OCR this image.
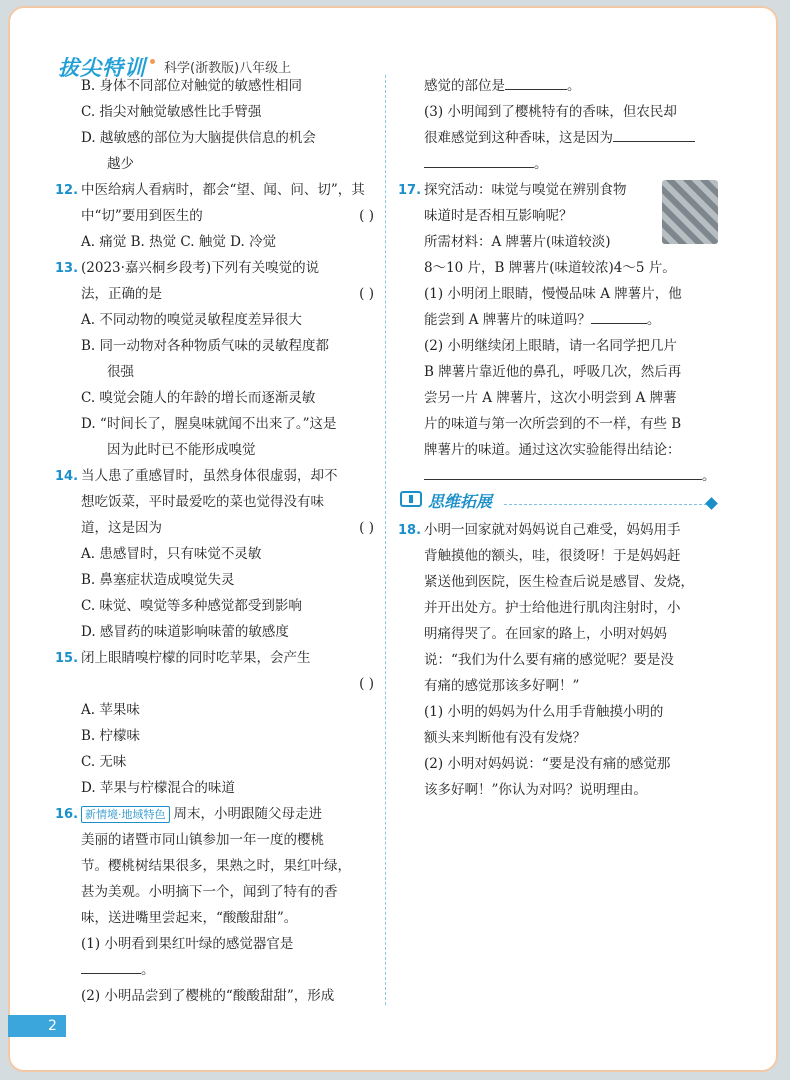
拔尖特训 科学(浙教版)八年级上
B. 身体不同部位对触觉的敏感性相同
C. 指尖对触觉敏感性比手臂强
D. 越敏感的部位为大脑提供信息的机会
越少
12. 中医给病人看病时，都会“望、闻、问、切”，其
中“切”要用到医生的	( )
A. 痛觉 B. 热觉 C. 触觉 D. 冷觉
13. (2023·嘉兴桐乡段考)下列有关嗅觉的说
法，正确的是	( )
A. 不同动物的嗅觉灵敏程度差异很大
B. 同一动物对各种物质气味的灵敏程度都
很强
C. 嗅觉会随人的年龄的增长而逐渐灵敏
D. “时间长了，腥臭味就闻不出来了。”这是
因为此时已不能形成嗅觉
14. 当人患了重感冒时，虽然身体很虚弱，却不
想吃饭菜，平时最爱吃的菜也觉得没有味
道，这是因为	( )
A. 患感冒时，只有味觉不灵敏
B. 鼻塞症状造成嗅觉失灵
C. 味觉、嗅觉等多种感觉都受到影响
D. 感冒药的味道影响味蕾的敏感度
15. 闭上眼睛嗅柠檬的同时吃苹果，会产生
( )
A. 苹果味
B. 柠檬味
C. 无味
D. 苹果与柠檬混合的味道
16. 新情境·地域特色 周末，小明跟随父母走进
美丽的诸暨市同山镇参加一年一度的樱桃
节。樱桃树结果很多，果熟之时，果红叶绿，
甚为美观。小明摘下一个，闻到了特有的香
味，送进嘴里尝起来，“酸酸甜甜”。
(1) 小明看到果红叶绿的感觉器官是
。
(2) 小明品尝到了樱桃的“酸酸甜甜”，形成
感觉的部位是	。
(3) 小明闻到了樱桃特有的香味，但农民却
很难感觉到这种香味，这是因为
。
17. 探究活动：味觉与嗅觉在辨别食物
味道时是否相互影响呢？
所需材料：A 牌薯片(味道较淡)
8～10 片，B 牌薯片(味道较浓)4～5 片。
(1) 小明闭上眼睛，慢慢品味 A 牌薯片，他
能尝到 A 牌薯片的味道吗？	。
(2) 小明继续闭上眼睛，请一名同学把几片
B 牌薯片靠近他的鼻孔，呼吸几次，然后再
尝另一片 A 牌薯片，这次小明尝到 A 牌薯
片的味道与第一次所尝到的不一样，有些 B
牌薯片的味道。通过这次实验能得出结论：
。
思维拓展
18. 小明一回家就对妈妈说自己难受，妈妈用手
背触摸他的额头，哇，很烫呀！于是妈妈赶
紧送他到医院，医生检查后说是感冒、发烧，
并开出处方。护士给他进行肌肉注射时，小
明痛得哭了。在回家的路上，小明对妈妈
说：“我们为什么要有痛的感觉呢？要是没
有痛的感觉那该多好啊！”
(1) 小明的妈妈为什么用手背触摸小明的
额头来判断他有没有发烧？
(2) 小明对妈妈说：“要是没有痛的感觉那
该多好啊！”你认为对吗？说明理由。
2
